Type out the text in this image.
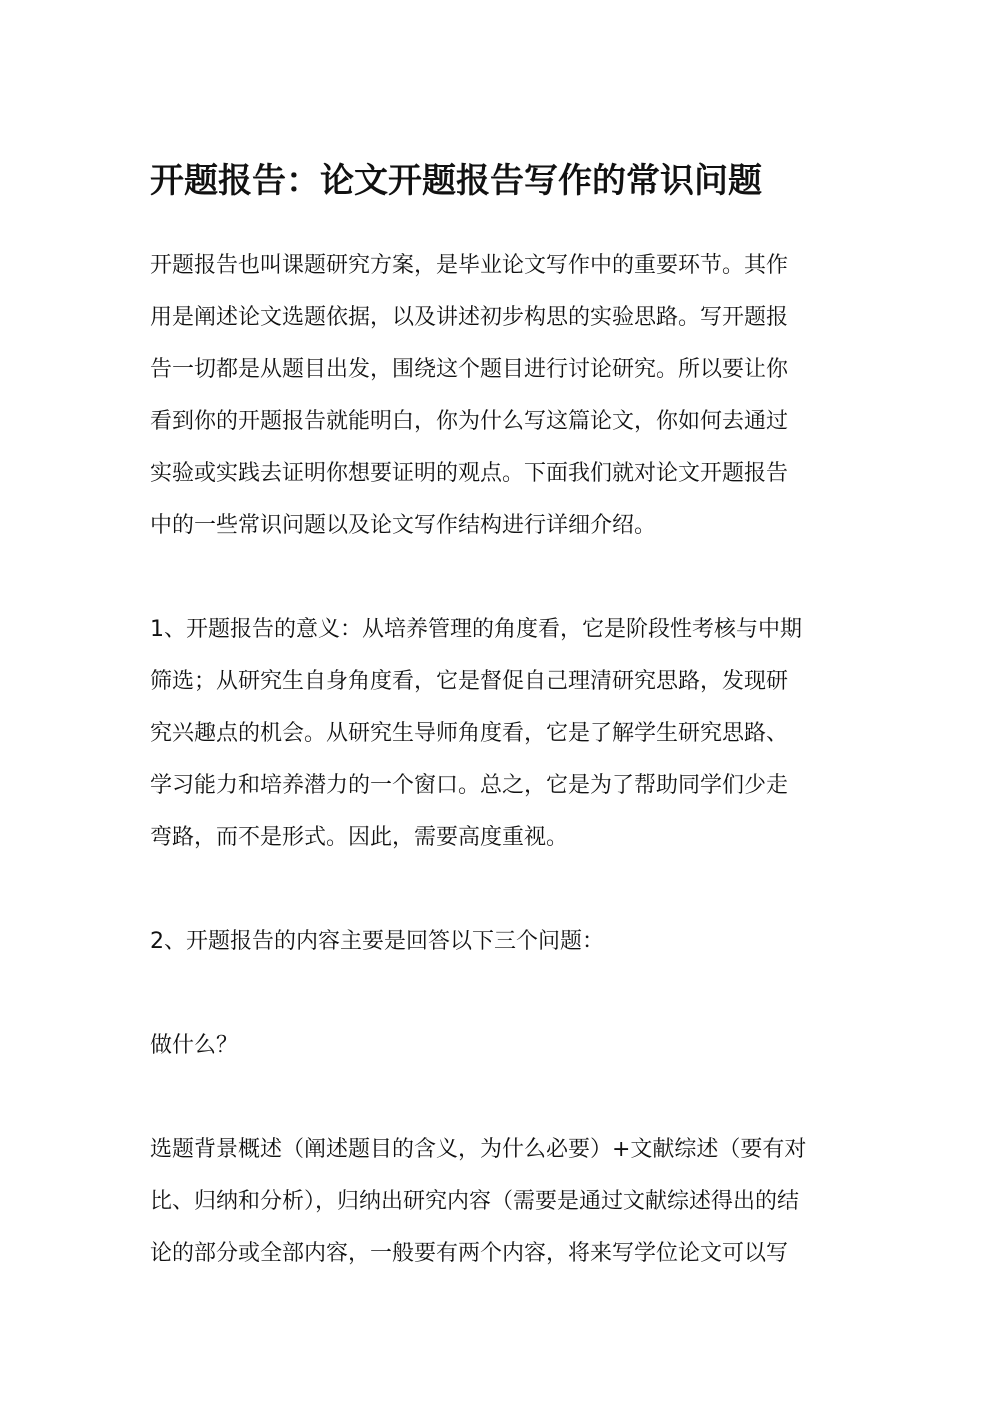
开题报告：论文开题报告写作的常识问题

开题报告也叫课题研究方案，是毕业论文写作中的重要环节。其作

用是阐述论文选题依据，以及讲述初步构思的实验思路。写开题报

告一切都是从题目出发，围绕这个题目进行讨论研究。所以要让你

看到你的开题报告就能明白，你为什么写这篇论文，你如何去通过

实验或实践去证明你想要证明的观点。下面我们就对论文开题报告

中的一些常识问题以及论文写作结构进行详细介绍。

1、开题报告的意义：从培养管理的角度看，它是阶段性考核与中期

筛选；从研究生自身角度看，它是督促自己理清研究思路，发现研

究兴趣点的机会。从研究生导师角度看，它是了解学生研究思路、

学习能力和培养潜力的一个窗口。总之，它是为了帮助同学们少走

弯路，而不是形式。因此，需要高度重视。

2、开题报告的内容主要是回答以下三个问题：

做什么？

选题背景概述（阐述题目的含义，为什么必要）+文献综述（要有对

比、归纳和分析），归纳出研究内容（需要是通过文献综述得出的结

论的部分或全部内容，一般要有两个内容，将来写学位论文可以写
